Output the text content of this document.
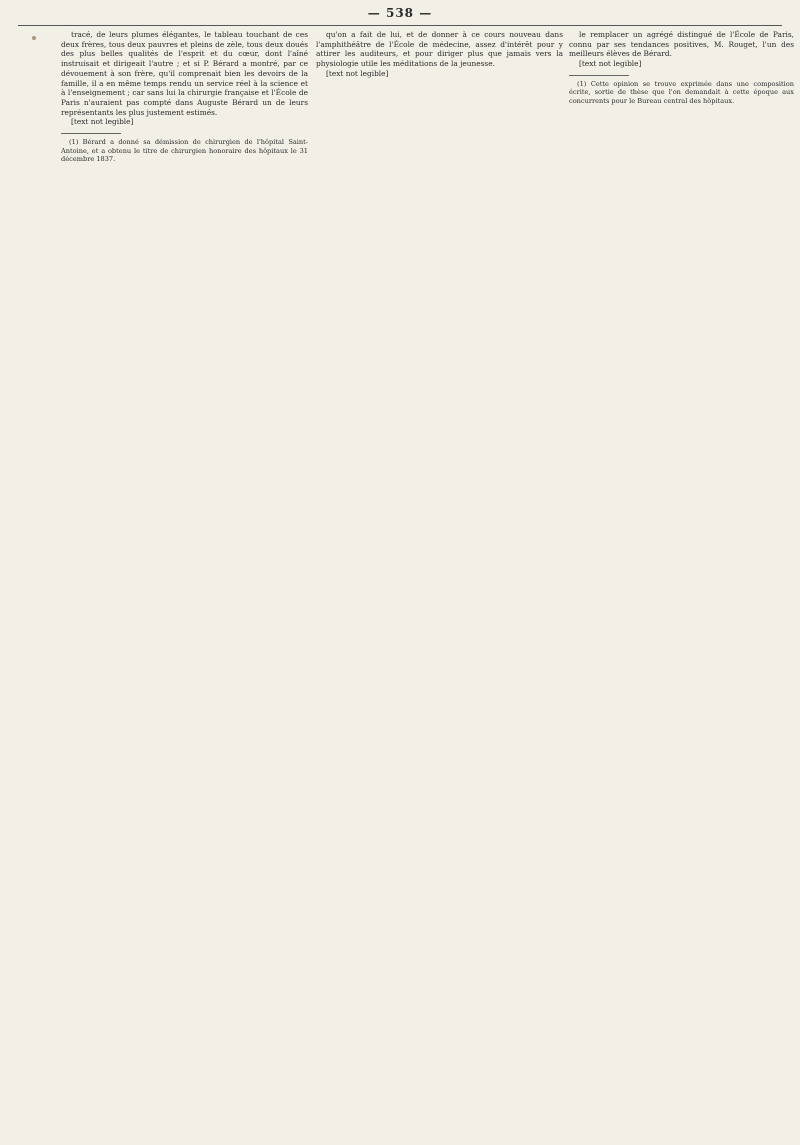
— 538 —

tracé, de leurs plumes élégantes, le tableau touchant de ces deux frères, tous deux pauvres et pleins de zèle, tous deux doués des plus belles qualités de l'esprit et du cœur, dont l'aîné instruisait et dirigeait l'autre ; et si P. Bérard a montré, par ce dévouement à son frère, qu'il comprenait bien les devoirs de la famille, il a en même temps rendu un service réel à la science et à l'enseignement ; car sans lui la chirurgie française et l'École de Paris n'auraient pas compté dans Auguste Bérard un de leurs représentants les plus justement estimés.

[text not legible]

(1) Bérard a donné sa démission de chirurgien de l'hôpital Saint-Antoine, et a obtenu le titre de chirurgien honoraire des hôpitaux le 31 décembre 1837.

qu'on a fait de lui, et de donner à ce cours nouveau dans l'amphithéâtre de l'École de médecine, assez d'intérêt pour y attirer les auditeurs, et pour diriger plus que jamais vers la physiologie utile les méditations de la jeunesse.

[text not legible]

le remplacer un agrégé distingué de l'École de Paris, connu par ses tendances positives, M. Rouget, l'un des meilleurs élèves de Bérard.

[text not legible]

(1) Cette opinion se trouve exprimée dans une composition écrite, sortie de thèse que l'on demandait à cette époque aux concurrents pour le Bureau central des hôpitaux.
